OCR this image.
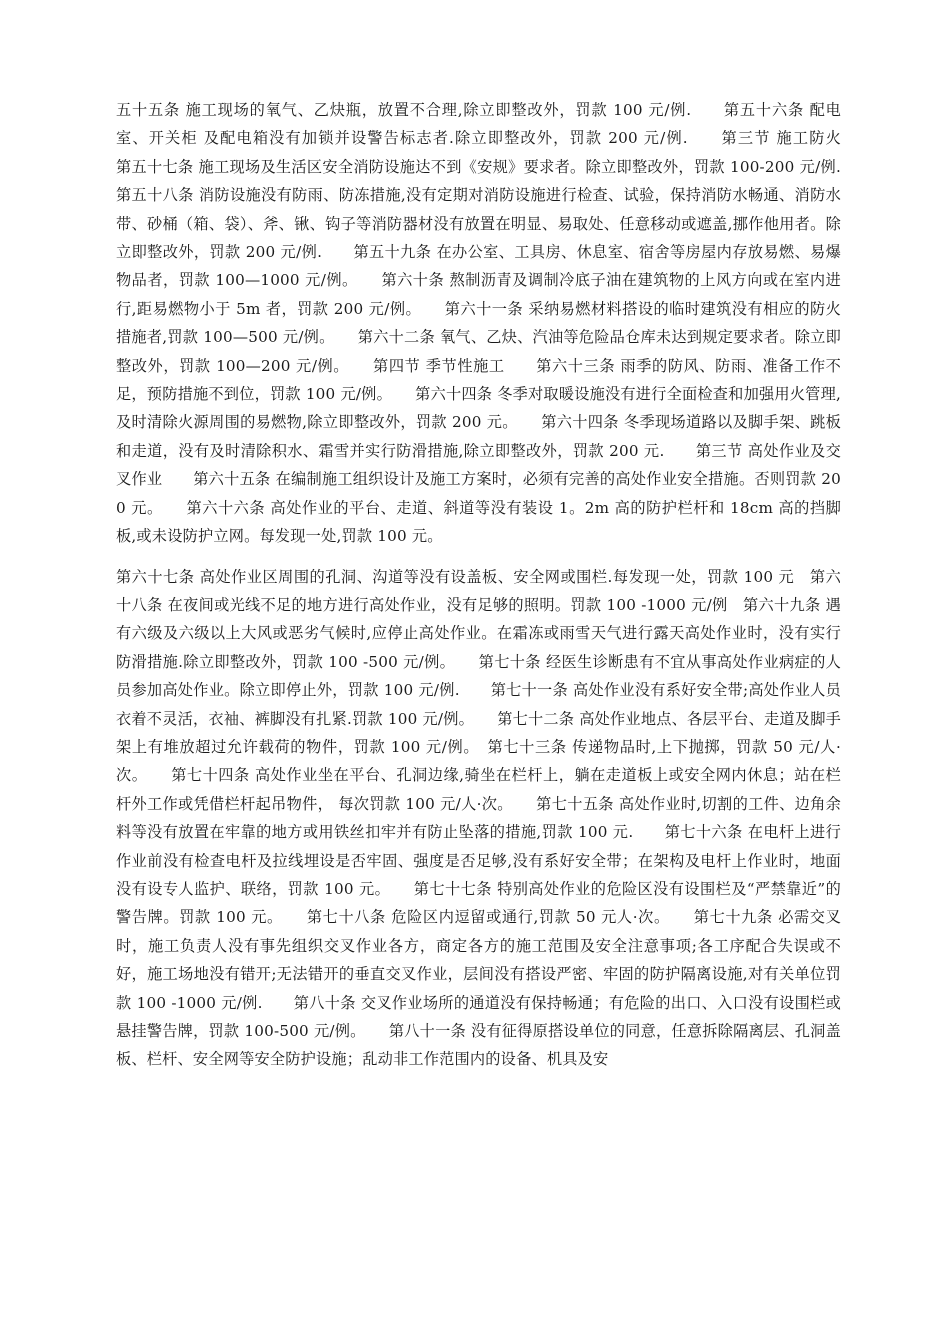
五十五条 施工现场的氧气、乙炔瓶，放置不合理,除立即整改外，罚款 100 元/例.　　第五十六条 配电室、开关柜 及配电箱没有加锁并设警告标志者.除立即整改外，罚款 200 元/例.　　第三节 施工防火　　第五十七条 施工现场及生活区安全消防设施达不到《安规》要求者。除立即整改外，罚款 100-200 元/例.　　第五十八条 消防设施没有防雨、防冻措施,没有定期对消防设施进行检查、试验，保持消防水畅通、消防水带、砂桶（箱、袋）、斧、锹、钩子等消防器材没有放置在明显、易取处、任意移动或遮盖,挪作他用者。除立即整改外，罚款 200 元/例.　　第五十九条 在办公室、工具房、休息室、宿舍等房屋内存放易燃、易爆物品者，罚款 100—1000 元/例。　　第六十条 熬制沥青及调制冷底子油在建筑物的上风方向或在室内进行,距易燃物小于 5m 者，罚款 200 元/例。　　第六十一条 采纳易燃材料搭设的临时建筑没有相应的防火措施者,罚款 100—500 元/例。　　第六十二条 氧气、乙炔、汽油等危险品仓库未达到规定要求者。除立即整改外，罚款 100—200 元/例。　　第四节 季节性施工　　第六十三条 雨季的防风、防雨、准备工作不足，预防措施不到位，罚款 100 元/例。　　第六十四条 冬季对取暖设施没有进行全面检查和加强用火管理,及时清除火源周围的易燃物,除立即整改外，罚款 200 元。　　第六十四条 冬季现场道路以及脚手架、跳板和走道，没有及时清除积水、霜雪并实行防滑措施,除立即整改外，罚款 200 元.　　第三节 高处作业及交叉作业　　第六十五条 在编制施工组织设计及施工方案时，必须有完善的高处作业安全措施。否则罚款 200 元。　　第六十六条 高处作业的平台、走道、斜道等没有装设 1。2m 高的防护栏杆和 18cm 高的挡脚板,或未设防护立网。每发现一处,罚款 100 元。

第六十七条 高处作业区周围的孔洞、沟道等没有设盖板、安全网或围栏.每发现一处，罚款 100 元　第六十八条 在夜间或光线不足的地方进行高处作业，没有足够的照明。罚款 100 -1000 元/例　第六十九条 遇有六级及六级以上大风或恶劣气候时,应停止高处作业。在霜冻或雨雪天气进行露天高处作业时，没有实行防滑措施.除立即整改外，罚款 100 -500 元/例。　　第七十条 经医生诊断患有不宜从事高处作业病症的人员参加高处作业。除立即停止外，罚款 100 元/例.　　第七十一条 高处作业没有系好安全带;高处作业人员衣着不灵活，衣袖、裤脚没有扎紧.罚款 100 元/例。　　第七十二条 高处作业地点、各层平台、走道及脚手架上有堆放超过允许载荷的物件，罚款 100 元/例。　第七十三条 传递物品时,上下抛掷，罚款 50 元/人·次。　　第七十四条 高处作业坐在平台、孔洞边缘,骑坐在栏杆上，躺在走道板上或安全网内休息；站在栏杆外工作或凭借栏杆起吊物件， 每次罚款 100 元/人·次。　　第七十五条 高处作业时,切割的工件、边角余料等没有放置在牢靠的地方或用铁丝扣牢并有防止坠落的措施,罚款 100 元.　　第七十六条 在电杆上进行作业前没有检查电杆及拉线埋设是否牢固、强度是否足够,没有系好安全带；在架构及电杆上作业时，地面没有设专人监护、联络，罚款 100 元。　　第七十七条 特别高处作业的危险区没有设围栏及“严禁靠近”的警告牌。罚款 100 元。　　第七十八条 危险区内逗留或通行,罚款 50 元人·次。　　第七十九条 必需交叉时，施工负责人没有事先组织交叉作业各方，商定各方的施工范围及安全注意事项;各工序配合失误或不好，施工场地没有错开;无法错开的垂直交叉作业，层间没有搭设严密、牢固的防护隔离设施,对有关单位罚款 100 -1000 元/例.　　第八十条 交叉作业场所的通道没有保持畅通；有危险的出口、入口没有设围栏或悬挂警告牌，罚款 100-500 元/例。　　第八十一条 没有征得原搭设单位的同意，任意拆除隔离层、孔洞盖板、栏杆、安全网等安全防护设施；乱动非工作范围内的设备、机具及安
